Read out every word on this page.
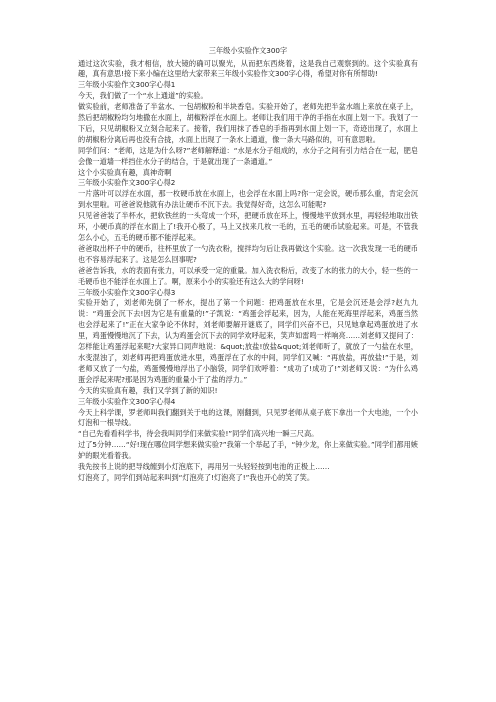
三年级小实验作文300字

通过这次实验，我才相信，放大镜的确可以聚光，从而把东西烧着，这是我自己观察到的。这个实验真有趣，真有意思!接下来小编在这里给大家带来三年级小实验作文300字心得，希望对你有所帮助!

三年级小实验作文300字心得1

今天，我们做了一个“水上通道”的实验。

做实验前，老师准备了半盆水、一包胡椒粉和半块香皂。实验开始了，老师先把半盆水端上来放在桌子上，然后把胡椒粉均匀地撒在水面上，胡椒粉浮在水面上。老师让我们用干净的手指在水面上划一下。我划了一下后，只见胡椒粉又立刻合起来了。接着，我们用抹了香皂的手指再到水面上划一下，奇迹出现了，水面上的胡椒粉分离后再也没有合拢，水面上出现了一条水上通道，像一条大马路似的，可有意思啦。

同学们问：“老师，这是为什么呀?”老师解释道：“水是水分子组成的，水分子之间有引力结合在一起，肥皂会像一道墙一样挡住水分子的结合，于是就出现了一条通道。”

这个小实验真有趣，真神奇啊

三年级小实验作文300字心得2

一片落叶可以浮在水面，那一枚硬币放在水面上，也会浮在水面上吗?你一定会说，硬币那么重，肯定会沉到水里啦。可爸爸说他就有办法让硬币不沉下去。我觉得好奇，这怎么可能呢?

只见爸爸装了半杯水，把软铁丝的一头弯成一个环，把硬币放在环上，慢慢地平放到水里，再轻轻地取出铁环，小硬币真的浮在水面上了!我开心极了，马上又找来几枚一毛的，五毛的硬币试验起来。可是，不管我怎么小心，五毛的硬币都不能浮起来。

爸爸取出杯子中的硬币，往杯里放了一勺洗衣粉，搅拌均匀后让我再做这个实验。这一次我发现一毛的硬币也不容易浮起来了。这是怎么回事呢?

爸爸告诉我，水的表面有张力，可以承受一定的重量。加入洗衣粉后，改变了水的张力的大小，轻一些的一毛硬币也不能浮在水面上了。啊，原来小小的实验还有这么大的学问呀!

三年级小实验作文300字心得3

实验开始了，刘老师先倒了一杯水，提出了第一个问题：把鸡蛋放在水里，它是会沉还是会浮?赵九九说：“鸡蛋会沉下去!因为它是有重量的!”子凯说：“鸡蛋会浮起来，因为，人能在死海里浮起来，鸡蛋当然也会浮起来了!”正在大家争论不休时，刘老师要解开谜底了，同学们兴奋不已，只见她拿起鸡蛋放进了水里，鸡蛋慢慢地沉了下去，认为鸡蛋会沉下去的同学欢呼起来，笑声如雷鸣一样响亮……刘老师又提问了：怎样能让鸡蛋浮起来呢?大家异口同声地说：&quot;放盐!放盐&quot;刘老师听了，就放了一勺盐在水里，水变混浊了，刘老师再把鸡蛋放进水里，鸡蛋浮在了水的中间，同学们又喊：“再放盐，再放盐!”于是，刘老师又放了一勺盐，鸡蛋慢慢地浮出了小脑袋，同学们欢呼着：“成功了!成功了!”刘老师又说：“为什么鸡蛋会浮起来呢?那是因为鸡蛋的重量小于了盐的浮力。”

今天的实验真有趣，我们又学到了新的知识!

三年级小实验作文300字心得4

今天上科学课，罗老师叫我们翻到关于电的这课，刚翻到，只见罗老师从桌子底下拿出一个大电池，一个小灯泡和一根导线。

“自己先看看科学书，待会我叫同学们来做实验!”同学们高兴地一瞬三尺高。

过了5分钟……“好!现在哪位同学想来做实验?”我第一个举起了手，“钟少龙，你上来做实验。”同学们都用嫉妒的眼光看着我。

我先按书上说的把导线缠到小灯泡底下，再用另一头轻轻按到电池的正极上……

灯泡亮了，同学们到站起来叫到“灯泡亮了!灯泡亮了!”我也开心的笑了笑。
